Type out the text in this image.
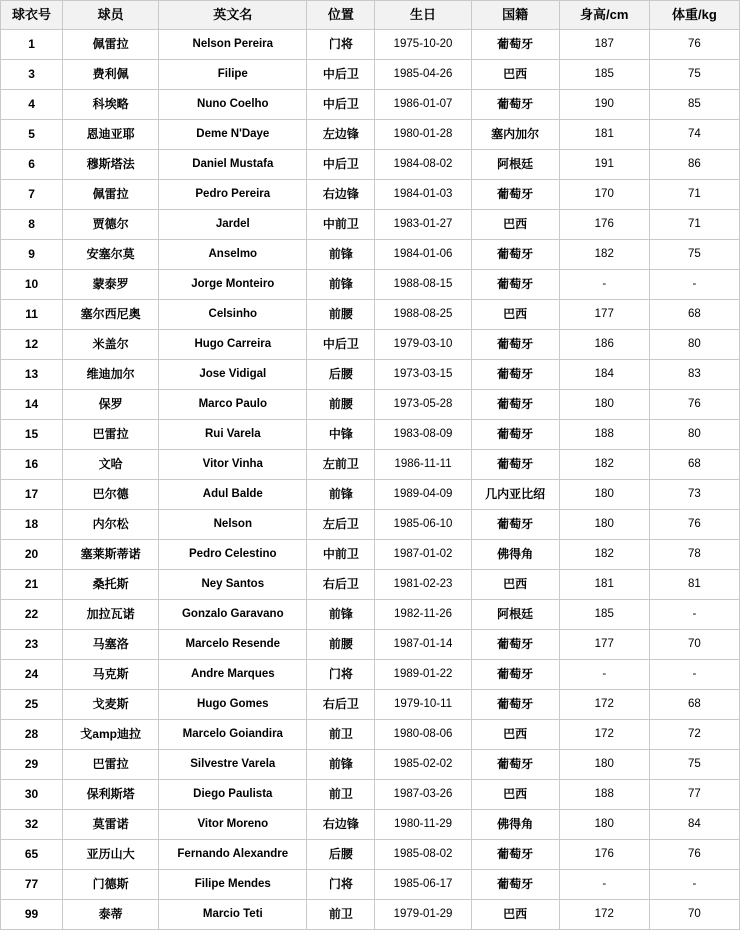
球衣号	球员	英文名	位置	生日	国籍	身高/cm	体重/kg
1	佩雷拉	Nelson Pereira	门将	1975-10-20	葡萄牙	187	76
3	费利佩	Filipe	中后卫	1985-04-26	巴西	185	75
4	科埃略	Nuno Coelho	中后卫	1986-01-07	葡萄牙	190	85
5	恩迪亚耶	Deme N'Daye	左边锋	1980-01-28	塞内加尔	181	74
6	穆斯塔法	Daniel Mustafa	中后卫	1984-08-02	阿根廷	191	86
7	佩雷拉	Pedro Pereira	右边锋	1984-01-03	葡萄牙	170	71
8	贾德尔	Jardel	中前卫	1983-01-27	巴西	176	71
9	安塞尔莫	Anselmo	前锋	1984-01-06	葡萄牙	182	75
10	蒙泰罗	Jorge Monteiro	前锋	1988-08-15	葡萄牙	-	-
11	塞尔西尼奥	Celsinho	前腰	1988-08-25	巴西	177	68
12	米盖尔	Hugo Carreira	中后卫	1979-03-10	葡萄牙	186	80
13	维迪加尔	Jose Vidigal	后腰	1973-03-15	葡萄牙	184	83
14	保罗	Marco Paulo	前腰	1973-05-28	葡萄牙	180	76
15	巴雷拉	Rui Varela	中锋	1983-08-09	葡萄牙	188	80
16	文哈	Vitor Vinha	左前卫	1986-11-11	葡萄牙	182	68
17	巴尔德	Adul Balde	前锋	1989-04-09	几内亚比绍	180	73
18	内尔松	Nelson	左后卫	1985-06-10	葡萄牙	180	76
20	塞莱斯蒂诺	Pedro Celestino	中前卫	1987-01-02	佛得角	182	78
21	桑托斯	Ney Santos	右后卫	1981-02-23	巴西	181	81
22	加拉瓦诺	Gonzalo Garavano	前锋	1982-11-26	阿根廷	185	-
23	马塞洛	Marcelo Resende	前腰	1987-01-14	葡萄牙	177	70
24	马克斯	Andre Marques	门将	1989-01-22	葡萄牙	-	-
25	戈麦斯	Hugo Gomes	右后卫	1979-10-11	葡萄牙	172	68
28	戈amp迪拉	Marcelo Goiandira	前卫	1980-08-06	巴西	172	72
29	巴雷拉	Silvestre Varela	前锋	1985-02-02	葡萄牙	180	75
30	保利斯塔	Diego Paulista	前卫	1987-03-26	巴西	188	77
32	莫雷诺	Vitor Moreno	右边锋	1980-11-29	佛得角	180	84
65	亚历山大	Fernando Alexandre	后腰	1985-08-02	葡萄牙	176	76
77	门德斯	Filipe Mendes	门将	1985-06-17	葡萄牙	-	-
99	泰蒂	Marcio Teti	前卫	1979-01-29	巴西	172	70
